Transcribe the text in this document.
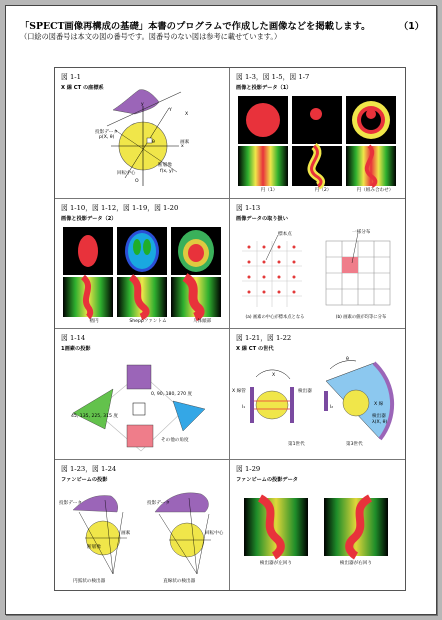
「SPECT画像再構成の基礎」本書のプログラムで作成した画像などを掲載します。	（1）
（口絵の図番号は本文の図の番号です。図番号のない図は参考に載せています。）
図 1-1
X 線 CT の座標系
投影データ
p(X, θ)
画素
回転中心
断層像
f(x, y)
X
Y
x
y
O
θ
図 1-3，図 1-5，図 1-7
画像と投影データ（1）
円（1）	円（2）	円（組み合わせ）
図 1-10，図 1-12，図 1-19，図 1-20
画像と投影データ（2）
楕円	Sheppファントム	人体頭部
図 1-13
画像データの取り扱い
標本点	一様分布
(a) 画素の中心が標本点となる	(b) 画素の値が均等に分布
図 1-14
1画素の投影
0, 90, 180, 270 度
45, 135, 225, 315 度
その他の角度
図 1-21，図 1-22
X 線 CT の世代
X 線管	検出器
検出器
λ(X, θ)
第1世代	第3世代
X 線
X
θ
l₁	l₂
図 1-23，図 1-24
ファンビームの投影
投影データ	投影データ
断層像
画素	回転中心
円弧状の検出器	直線状の検出器
図 1-29
ファンビームの投影データ
検出器が左回り	検出器が右回り
